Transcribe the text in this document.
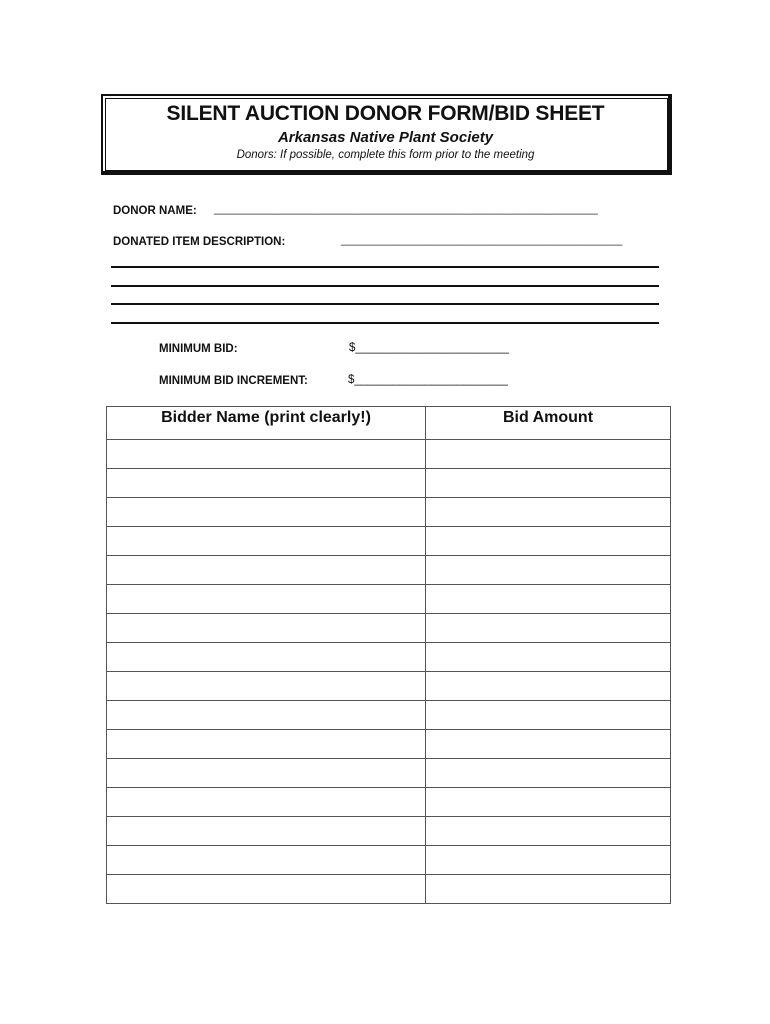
SILENT AUCTION DONOR FORM/BID SHEET
Arkansas Native Plant Society
Donors: If possible, complete this form prior to the meeting
DONOR NAME: ____________________________________________________________
DONATED ITEM DESCRIPTION:	____________________________________________
MINIMUM BID:	$________________________
MINIMUM BID INCREMENT:	$________________________
Bidder Name (print clearly!)	Bid Amount
